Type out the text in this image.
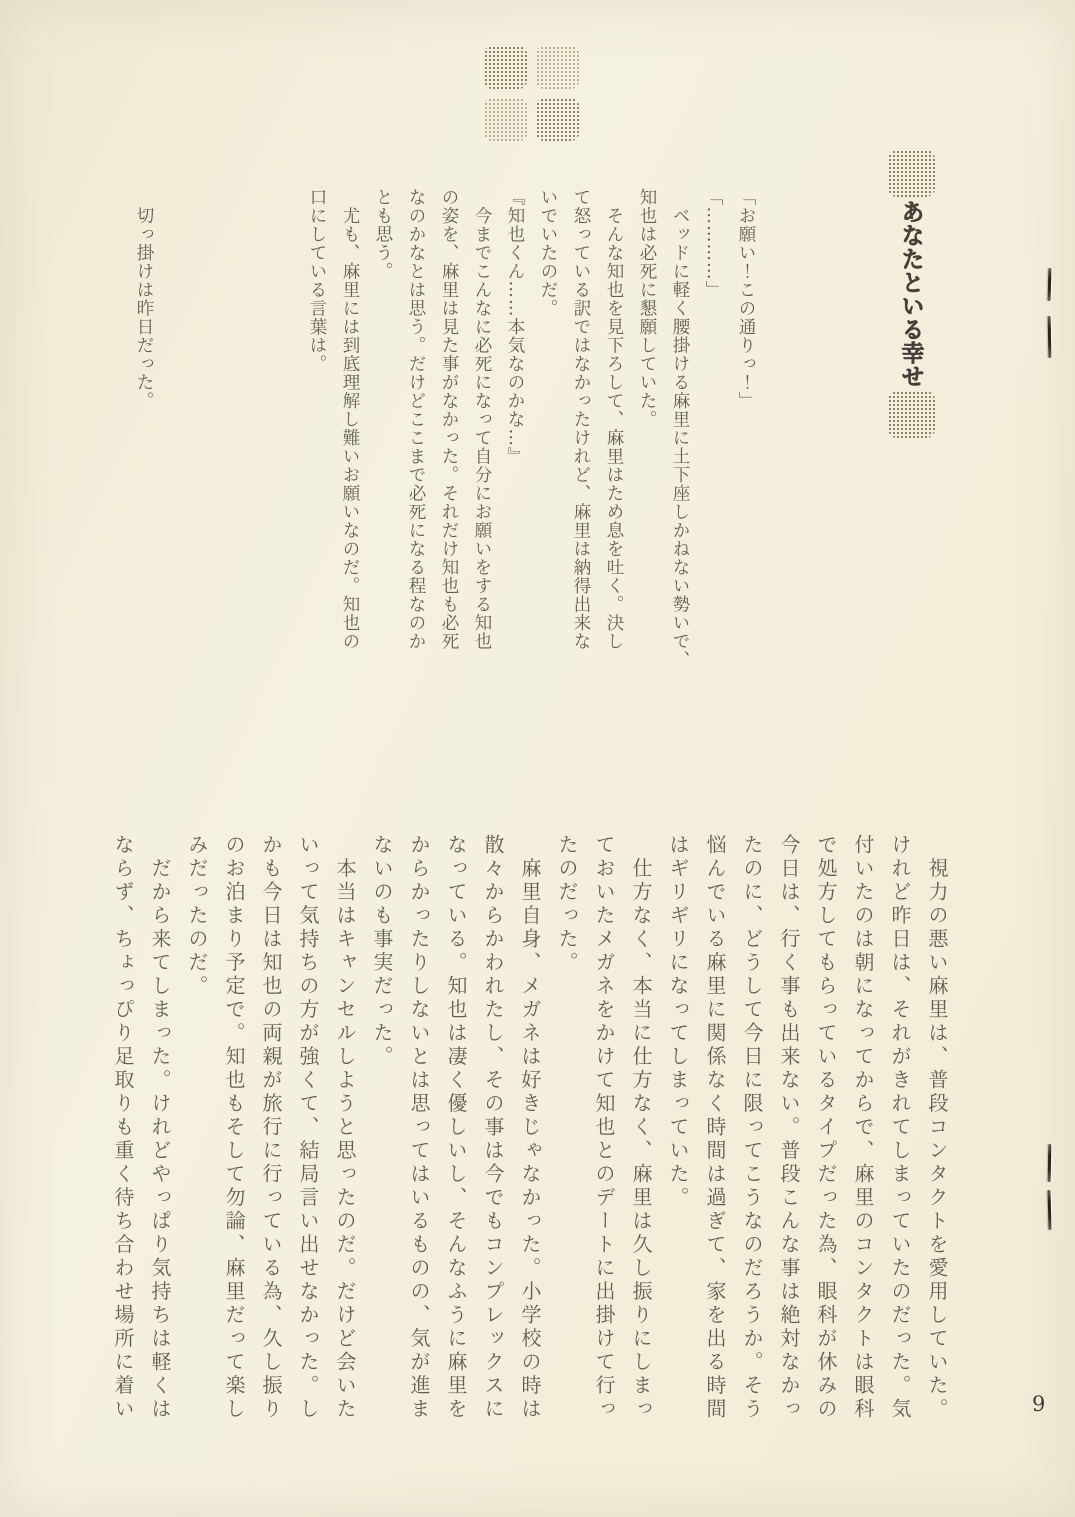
あなたといる幸せ
「お願い！この通りっ！」
「…………」
　ベッドに軽く腰掛ける麻里に土下座しかねない勢いで、
知也は必死に懇願していた。
　そんな知也を見下ろして、麻里はため息を吐く。決し
て怒っている訳ではなかったけれど、麻里は納得出来な
いでいたのだ。
『知也くん……本気なのかな…』
　今までこんなに必死になって自分にお願いをする知也
の姿を、麻里は見た事がなかった。それだけ知也も必死
なのかなとは思う。だけどここまで必死になる程なのか
とも思う。
　尤も、麻里には到底理解し難いお願いなのだ。知也の
口にしている言葉は。
　切っ掛けは昨日だった。
　視力の悪い麻里は、普段コンタクトを愛用していた。
けれど昨日は、それがきれてしまっていたのだった。気
付いたのは朝になってからで、麻里のコンタクトは眼科
で処方してもらっているタイプだった為、眼科が休みの
今日は、行く事も出来ない。普段こんな事は絶対なかっ
たのに、どうして今日に限ってこうなのだろうか。そう
悩んでいる麻里に関係なく時間は過ぎて、家を出る時間
はギリギリになってしまっていた。
　仕方なく、本当に仕方なく、麻里は久し振りにしまっ
ておいたメガネをかけて知也とのデートに出掛けて行っ
たのだった。
　麻里自身、メガネは好きじゃなかった。小学校の時は
散々からかわれたし、その事は今でもコンプレックスに
なっている。知也は凄く優しいし、そんなふうに麻里を
からかったりしないとは思ってはいるものの、気が進ま
ないのも事実だった。
　本当はキャンセルしようと思ったのだ。だけど会いた
いって気持ちの方が強くて、結局言い出せなかった。し
かも今日は知也の両親が旅行に行っている為、久し振り
のお泊まり予定で。知也もそして勿論、麻里だって楽し
みだったのだ。
　だから来てしまった。けれどやっぱり気持ちは軽くは
ならず、ちょっぴり足取りも重く待ち合わせ場所に着い	9
